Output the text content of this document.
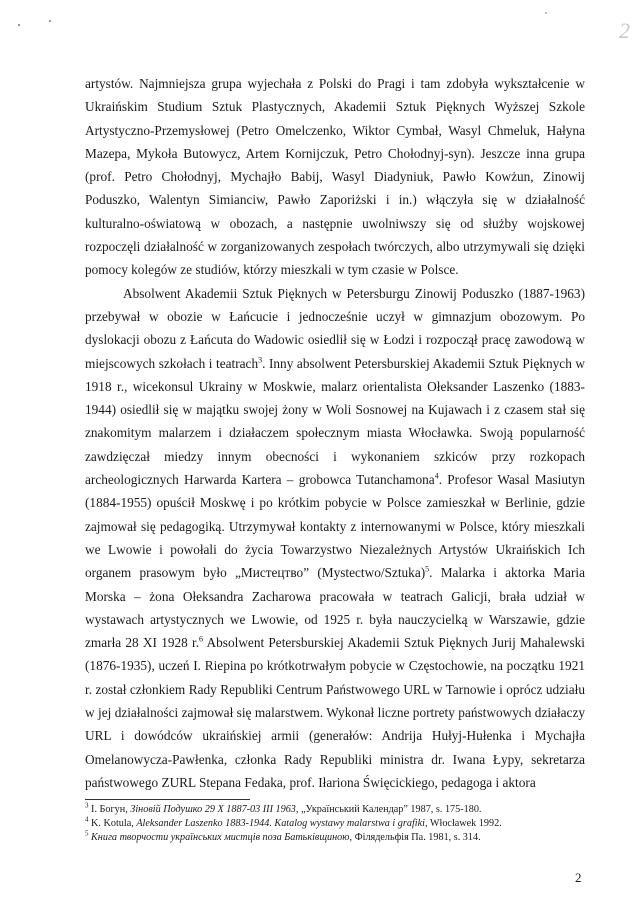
2

artystów. Najmniejsza grupa wyjechała z Polski do Pragi i tam zdobyła wykształcenie w Ukraińskim Studium Sztuk Plastycznych, Akademii Sztuk Pięknych Wyższej Szkole Artystyczno-Przemysłowej (Petro Omelczenko, Wiktor Cymbał, Wasyl Chmeluk, Hałyna Mazepa, Mykoła Butowycz, Artem Kornijczuk, Petro Chołodnyj-syn). Jeszcze inna grupa (prof. Petro Chołodnyj, Mychajło Babij, Wasyl Diadyniuk, Pawło Kowżun, Zinowij Poduszko, Walentyn Simianciw, Pawło Zaporiżski i in.) włączyła się w działalność kulturalno-oświatową w obozach, a następnie uwolniwszy się od służby wojskowej rozpoczęli działalność w zorganizowanych zespołach twórczych, albo utrzymywali się dzięki pomocy kolegów ze studiów, którzy mieszkali w tym czasie w Polsce.

Absolwent Akademii Sztuk Pięknych w Petersburgu Zinowij Poduszko (1887-1963) przebywał w obozie w Łańcucie i jednocześnie uczył w gimnazjum obozowym. Po dyslokacji obozu z Łańcuta do Wadowic osiedlił się w Łodzi i rozpoczął pracę zawodową w miejscowych szkołach i teatrach$^3$. Inny absolwent Petersburskiej Akademii Sztuk Pięknych w 1918 r., wicekonsul Ukrainy w Moskwie, malarz orientalista Ołeksander Laszenko (1883-1944) osiedlił się w majątku swojej żony w Woli Sosnowej na Kujawach i z czasem stał się znakomitym malarzem i działaczem społecznym miasta Włocławka. Swoją popularność zawdzięczał miedzy innym obecności i wykonaniem szkiców przy rozkopach archeologicznych Harwarda Kartera – grobowca Tutanchamona$^4$. Profesor Wasal Masiutyn (1884-1955) opuścił Moskwę i po krótkim pobycie w Polsce zamieszkał w Berlinie, gdzie zajmował się pedagogiką. Utrzymywał kontakty z internowanymi w Polsce, który mieszkali we Lwowie i powołali do życia Towarzystwo Niezależnych Artystów Ukraińskich Ich organem prasowym było „Мистецтво” (Mystectwo/Sztuka)$^5$. Malarka i aktorka Maria Morska – żona Ołeksandra Zacharowa pracowała w teatrach Galicji, brała udział w wystawach artystycznych we Lwowie, od 1925 r. była nauczycielką w Warszawie, gdzie zmarła 28 XI 1928 r.$^6$ Absolwent Petersburskiej Akademii Sztuk Pięknych Jurij Mahalewski (1876-1935), uczeń I. Riepina po krótkotrwałym pobycie w Częstochowie, na początku 1921 r. został członkiem Rady Republiki Centrum Państwowego URL w Tarnowie i oprócz udziału w jej działalności zajmował się malarstwem. Wykonał liczne portrety państwowych działaczy URL i dowódców ukraińskiej armii (generałów: Andrija Hułyj-Hułenka i Mychajła Omelanowycza-Pawłenka, członka Rady Republiki ministra dr. Iwana Łypy, sekretarza państwowego ZURL Stepana Fedaka, prof. Iłariona Święcickiego, pedagoga i aktora

$^3$ I. Богун, Зіновій Подушко 29 X 1887-03 III 1963, „Український Календар” 1987, s. 175-180.
$^4$ K. Kotula, Aleksander Laszenko 1883-1944. Katalog wystawy malarstwa i grafiki, Włocławek 1992.
$^5$ Книга творчости українських мистців поза Батьківщиною, Філядельфія Па. 1981, s. 314.
2
